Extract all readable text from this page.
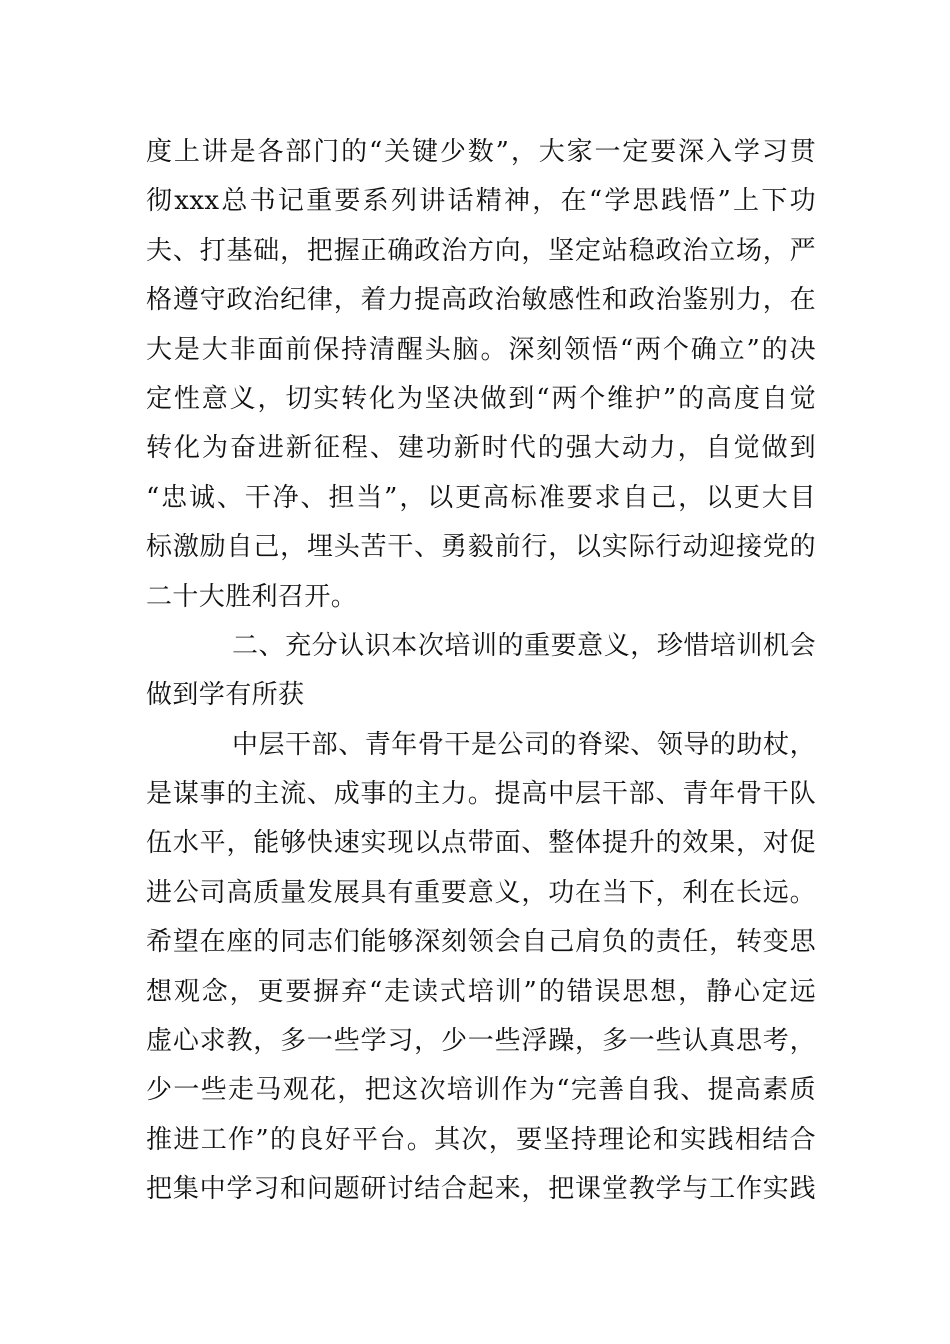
度上讲是各部门的“关键少数”，大家一定要深入学习贯
彻xxx总书记重要系列讲话精神，在“学思践悟”上下功
夫、打基础，把握正确政治方向，坚定站稳政治立场，严
格遵守政治纪律，着力提高政治敏感性和政治鉴别力，在
大是大非面前保持清醒头脑。深刻领悟“两个确立”的决
定性意义，切实转化为坚决做到“两个维护”的高度自觉
转化为奋进新征程、建功新时代的强大动力，自觉做到
“忠诚、干净、担当”，以更高标准要求自己，以更大目
标激励自己，埋头苦干、勇毅前行，以实际行动迎接党的
二十大胜利召开。
二、充分认识本次培训的重要意义，珍惜培训机会
做到学有所获
中层干部、青年骨干是公司的脊梁、领导的助杖，
是谋事的主流、成事的主力。提高中层干部、青年骨干队
伍水平，能够快速实现以点带面、整体提升的效果，对促
进公司高质量发展具有重要意义，功在当下，利在长远。
希望在座的同志们能够深刻领会自己肩负的责任，转变思
想观念，更要摒弃“走读式培训”的错误思想，静心定远
虚心求教，多一些学习，少一些浮躁，多一些认真思考，
少一些走马观花，把这次培训作为“完善自我、提高素质
推进工作”的良好平台。其次，要坚持理论和实践相结合
把集中学习和问题研讨结合起来，把课堂教学与工作实践
